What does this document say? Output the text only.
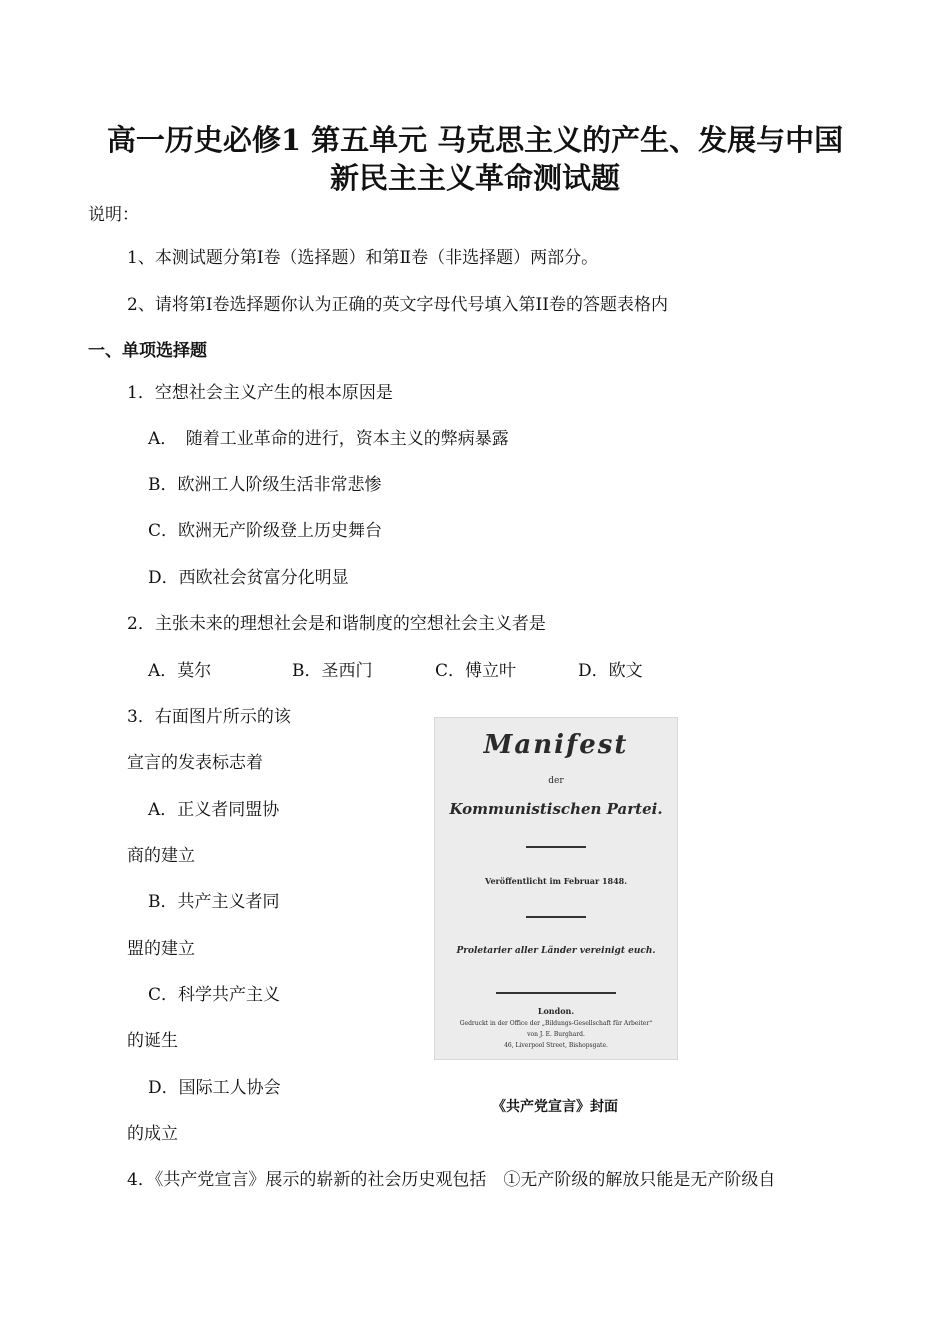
高一历史必修1 第五单元 马克思主义的产生、发展与中国
新民主主义革命测试题
说明：
1、本测试题分第Ⅰ卷（选择题）和第Ⅱ卷（非选择题）两部分。
2、请将第Ⅰ卷选择题你认为正确的英文字母代号填入第II卷的答题表格内
一、单项选择题
1．空想社会主义产生的根本原因是
A．　随着工业革命的进行，资本主义的弊病暴露
B．欧洲工人阶级生活非常悲惨
C．欧洲无产阶级登上历史舞台
D．西欧社会贫富分化明显
2．主张未来的理想社会是和谐制度的空想社会主义者是
A．莫尔	B．圣西门	C．傅立叶	D．欧文
3．右面图片所示的该
宣言的发表标志着
A．正义者同盟协
商的建立
B．共产主义者同
盟的建立
C．科学共产主义
的诞生
D．国际工人协会
的成立
Manifest
der
Kommunistischen Partei.
Veröffentlicht im Februar 1848.
Proletarier aller Länder vereinigt euch.
London.
Gedruckt in der Office der „Bildungs-Gesellschaft für Arbeiter“
von J. E. Burghard.
46, Liverpool Street, Bishopsgate.
《共产党宣言》封面
4．《共产党宣言》展示的崭新的社会历史观包括　①无产阶级的解放只能是无产阶级自
